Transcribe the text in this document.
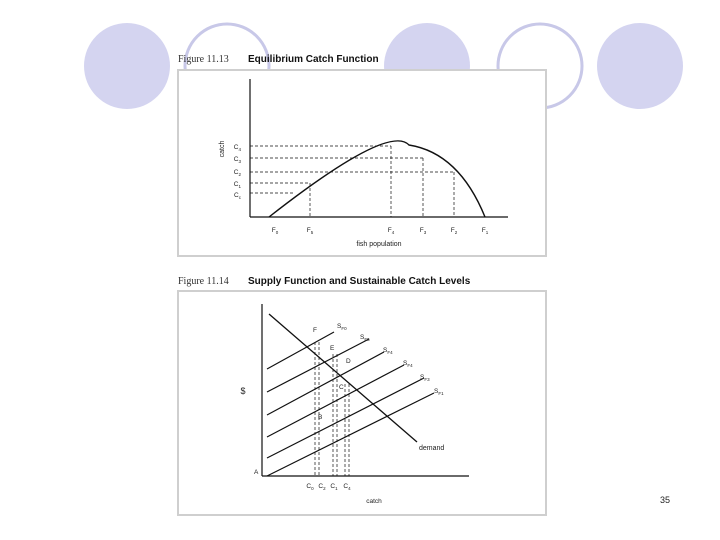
Figure 11.13 Equilibrium Catch Function
catch
fish population
$C_4$
$C_3$
$C_2$
$C_1$
$C_c$
$F_0$	$F_5$	$F_4$	$F_3$	$F_2$	$F_1$
Figure 11.14 Supply Function and Sustainable Catch Levels
$
catch
demand
F
E
D
C
B
A
$S_{F0}$
$S_{F5}$
$S_{F4}$
$S_{F4}$
$S_{F3}$
$S_{F1}$
$C_0$ $C_2$ $C_1$ $C_4$
35
